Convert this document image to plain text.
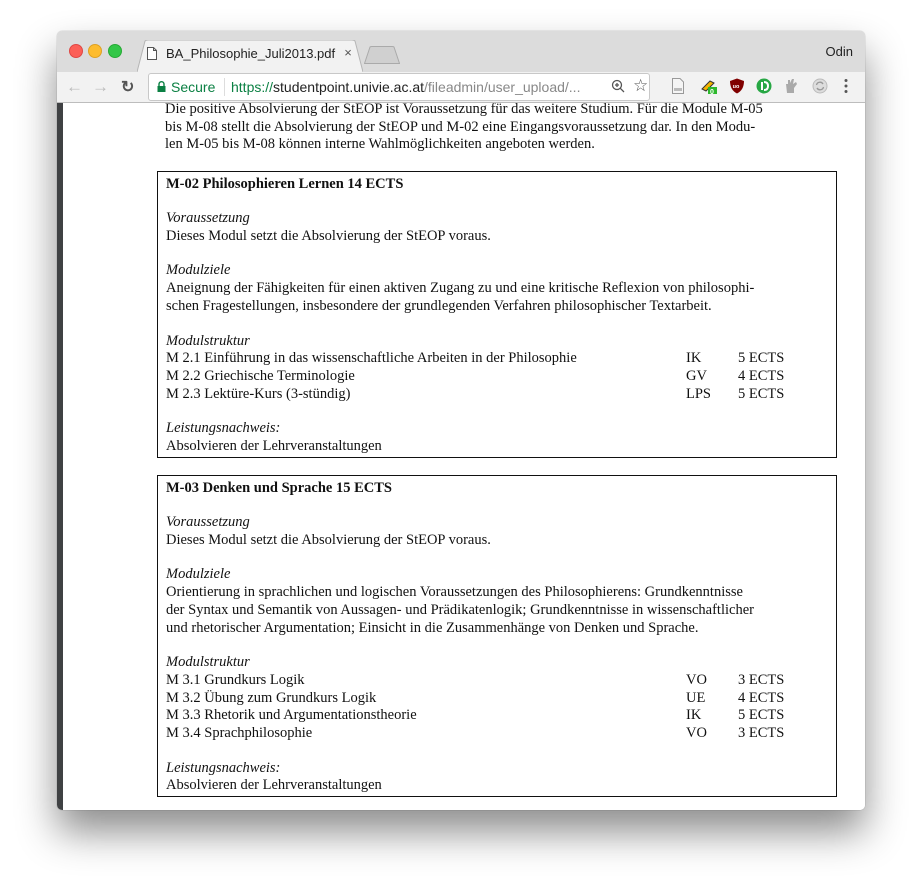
BA_Philosophie_Juli2013.pdf ×	Odin
← → ↻	Secure https://studentpoint.univie.ac.at/fileadmin/user_upload/...	☆	0
uo

Die positive Absolvierung der StEOP ist Voraussetzung für das weitere Studium. Für die Module M-05

bis M-08 stellt die Absolvierung der StEOP und M-02 eine Eingangsvoraussetzung dar. In den Modu-

len M-05 bis M-08 können interne Wahlmöglichkeiten angeboten werden.

M-02 Philosophieren Lernen 14 ECTS
Voraussetzung
Dieses Modul setzt die Absolvierung der StEOP voraus.
Modulziele
Aneignung der Fähigkeiten für einen aktiven Zugang zu und eine kritische Reflexion von philosophi-
schen Fragestellungen, insbesondere der grundlegenden Verfahren philosophischer Textarbeit.
Modulstruktur
M 2.1 Einführung in das wissenschaftliche Arbeiten in der Philosophie	IK	5 ECTS
M 2.2 Griechische Terminologie	GV	4 ECTS
M 2.3 Lektüre-Kurs (3-stündig)	LPS	5 ECTS
Leistungsnachweis:
Absolvieren der Lehrveranstaltungen
M-03 Denken und Sprache 15 ECTS
Voraussetzung
Dieses Modul setzt die Absolvierung der StEOP voraus.
Modulziele
Orientierung in sprachlichen und logischen Voraussetzungen des Philosophierens: Grundkenntnisse
der Syntax und Semantik von Aussagen- und Prädikatenlogik; Grundkenntnisse in wissenschaftlicher
und rhetorischer Argumentation; Einsicht in die Zusammenhänge von Denken und Sprache.
Modulstruktur
M 3.1 Grundkurs Logik	VO	3 ECTS
M 3.2 Übung zum Grundkurs Logik	UE	4 ECTS
M 3.3 Rhetorik und Argumentationstheorie	IK	5 ECTS
M 3.4 Sprachphilosophie	VO	3 ECTS
Leistungsnachweis:
Absolvieren der Lehrveranstaltungen
